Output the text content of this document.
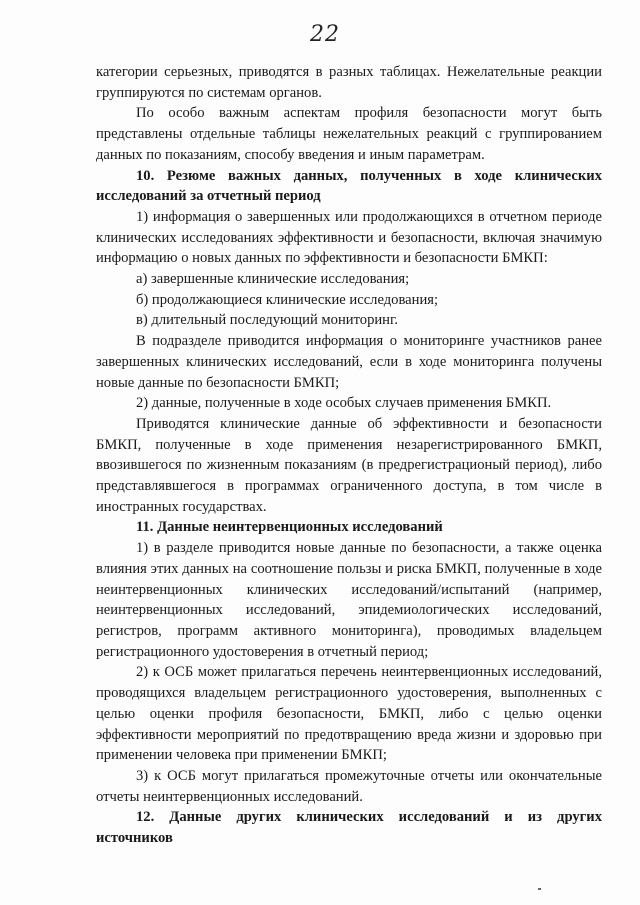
22

категории серьезных, приводятся в разных таблицах. Нежелательные реакции группируются по системам органов.

По особо важным аспектам профиля безопасности могут быть представлены отдельные таблицы нежелательных реакций с группированием данных по показаниям, способу введения и иным параметрам.

10. Резюме важных данных, полученных в ходе клинических исследований за отчетный период

1) информация о завершенных или продолжающихся в отчетном периоде клинических исследованиях эффективности и безопасности, включая значимую информацию о новых данных по эффективности и безопасности БМКП:

а) завершенные клинические исследования;

б) продолжающиеся клинические исследования;

в) длительный последующий мониторинг.

В подразделе приводится информация о мониторинге участников ранее завершенных клинических исследований, если в ходе мониторинга получены новые данные по безопасности БМКП;

2) данные, полученные в ходе особых случаев применения БМКП.

Приводятся клинические данные об эффективности и безопасности БМКП, полученные в ходе применения незарегистрированного БМКП, ввозившегося по жизненным показаниям (в предрегистрационый период), либо представлявшегося в программах ограниченного доступа, в том числе в иностранных государствах.

11. Данные неинтервенционных исследований

1) в разделе приводится новые данные по безопасности, а также оценка влияния этих данных на соотношение пользы и риска БМКП, полученные в ходе неинтервенционных клинических исследований/испытаний (например, неинтервенционных исследований, эпидемиологических исследований, регистров, программ активного мониторинга), проводимых владельцем регистрационного удостоверения в отчетный период;

2) к ОСБ может прилагаться перечень неинтервенционных исследований, проводящихся владельцем регистрационного удостоверения, выполненных с целью оценки профиля безопасности, БМКП, либо с целью оценки эффективности мероприятий по предотвращению вреда жизни и здоровью при применении человека при применении БМКП;

3) к ОСБ могут прилагаться промежуточные отчеты или окончательные отчеты неинтервенционных исследований.

12. Данные других клинических исследований и из других источников
